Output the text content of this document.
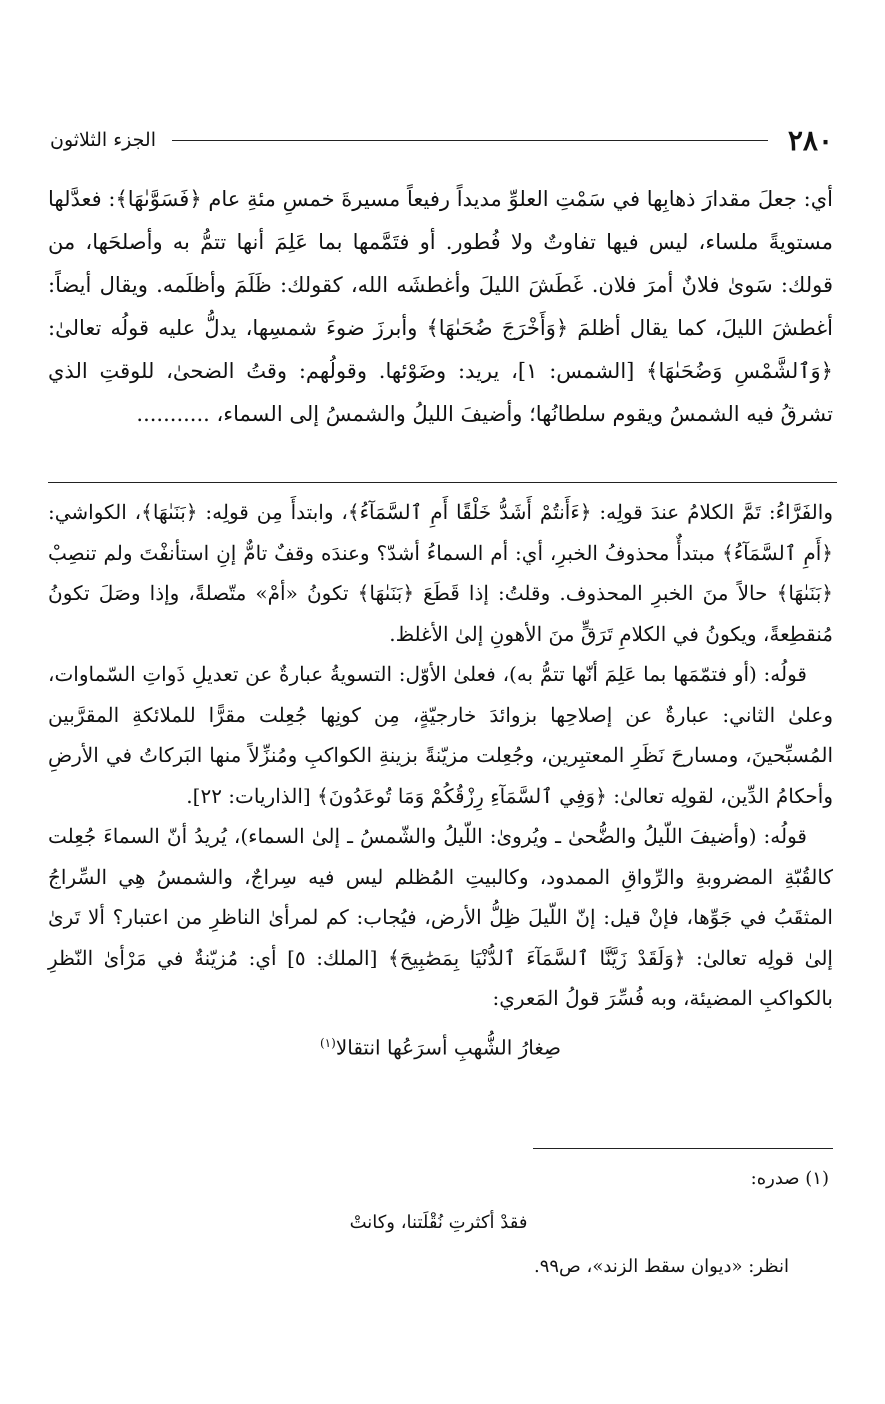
٢٨٠
الجزء الثلاثون

أي: جعلَ مقدارَ ذهابِها في سَمْتِ العلوِّ مديداً رفيعاً مسيرةَ خمسِ مئةِ عام ﴿فَسَوَّىٰهَا﴾: فعدَّلها مستويةً ملساء، ليس فيها تفاوتٌ ولا فُطور. أو فتَمَّمها بما عَلِمَ أنها تتمُّ به وأصلحَها، من قولك: سَوىٰ فلانٌ أمرَ فلان. غَطَشَ الليلَ وأغطشَه الله، كقولك: ظَلَمَ وأظلَمه. ويقال أيضاً: أغطشَ الليلَ، كما يقال أظلمَ ﴿وَأَخْرَجَ ضُحَىٰهَا﴾ وأبرزَ ضوءَ شمسِها، يدلُّ عليه قولُه تعالىٰ: ﴿وَٱلشَّمْسِ وَضُحَىٰهَا﴾ [الشمس: ١]، يريد: وضَوْئها. وقولُهم: وقتُ الضحىٰ، للوقتِ الذي تشرقُ فيه الشمسُ ويقوم سلطانُها؛ وأضيفَ الليلُ والشمسُ إلى السماء، ...........

والفَرَّاءُ: تَمَّ الكلامُ عندَ قولِه: ﴿ءَأَنتُمْ أَشَدُّ خَلْقًا أَمِ ٱلسَّمَآءُ﴾، وابتدأَ مِن قولِه: ﴿بَنَىٰهَا﴾، الكواشي: ﴿أَمِ ٱلسَّمَآءُ﴾ مبتدأٌ محذوفُ الخبرِ، أي: أم السماءُ أشدّ؟ وعندَه وقفٌ تامٌّ إنِ استأنفْتَ ولم تنصِبْ ﴿بَنَىٰهَا﴾ حالاً منَ الخبرِ المحذوف. وقلتُ: إذا قَطَعَ ﴿بَنَىٰهَا﴾ تكونُ «أمْ» متّصلةً، وإذا وصَلَ تكونُ مُنقطِعةً، ويكونُ في الكلامِ تَرَقٍّ منَ الأهونِ إلىٰ الأغلظ.

قولُه: (أو فتمّمَها بما عَلِمَ أنّها تتمُّ به)، فعلىٰ الأوّل: التسويةُ عبارةٌ عن تعديلِ ذَواتِ السّماوات، وعلىٰ الثاني: عبارةٌ عن إصلاحِها بزوائدَ خارجيّةٍ، مِن كونِها جُعِلت مقرًّا للملائكةِ المقرَّبين المُسبِّحينَ، ومسارحَ نَظَرِ المعتبِرين، وجُعِلت مزيّنةً بزينةِ الكواكبِ ومُنزِّلاً منها البَركاتُ في الأرضِ وأحكامُ الدِّين، لقولِه تعالىٰ: ﴿وَفِي ٱلسَّمَآءِ رِزْقُكُمْ وَمَا تُوعَدُونَ﴾ [الذاريات: ٢٢].

قولُه: (وأضيفَ اللّيلُ والضُّحىٰ ـ ويُروىٰ: اللّيلُ والشّمسُ ـ إلىٰ السماء)، يُريدُ أنّ السماءَ جُعِلت كالقُبّةِ المضروبةِ والرِّواقِ الممدود، وكالبيتِ المُظلم ليس فيه سِراجٌ، والشمسُ هِي السِّراجُ المثقَبُ في جَوِّها، فإنْ قيل: إنّ اللّيلَ ظِلُّ الأرض، فيُجاب: كم لمرأىٰ الناظرِ من اعتبار؟ ألا تَرىٰ إلىٰ قولِه تعالىٰ: ﴿وَلَقَدْ زَيَّنَّا ٱلسَّمَآءَ ٱلدُّنْيَا بِمَصَٰبِيحَ﴾ [الملك: ٥] أي: مُزيّنةٌ في مَرْأىٰ النّظرِ بالكواكبِ المضيئة، وبه فُسِّرَ قولُ المَعري:

صِغارُ الشُّهبِ أسرَعُها انتقالا$^{(١)}$

(١) صدره:

فقدْ أكثرتِ نُقْلَتنا، وكانتْ

انظر: «ديوان سقط الزند»، ص٩٩.
